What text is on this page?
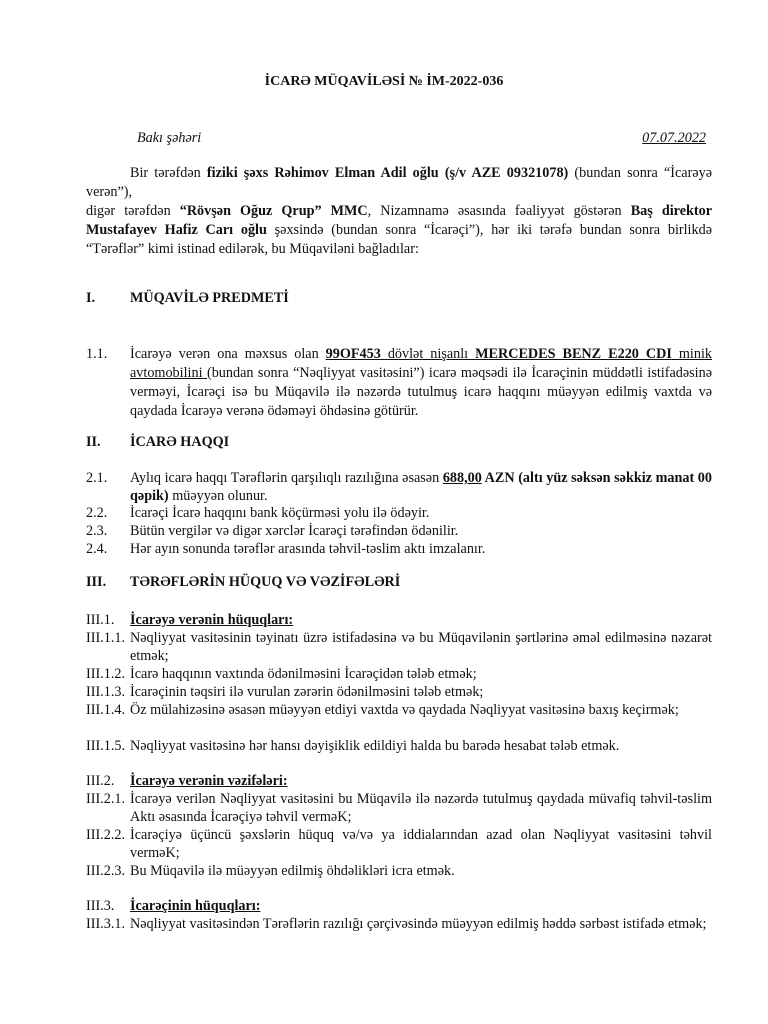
İCARƏ MÜQAVİLƏSİ № İM-2022-036
Bakı şəhəri	07.07.2022
Bir tərəfdən fiziki şəxs Rəhimov Elman Adil oğlu (ş/v AZE 09321078) (bundan sonra “İcarəyə verən”),
digər tərəfdən “Rövşən Oğuz Qrup” MMC, Nizamnamə əsasında fəaliyyət göstərən Baş direktor Mustafayev Hafiz Carı oğlu şəxsində (bundan sonra “İcarəçi”), hər iki tərəfə bundan sonra birlikdə “Tərəflər” kimi istinad edilərək, bu Müqaviləni bağladılar:
I. MÜQAVİLƏ PREDMETİ
1.1. İcarəyə verən ona məxsus olan 99OF453 dövlət nişanlı MERCEDES BENZ E220 CDI minik avtomobilini (bundan sonra “Nəqliyyat vasitəsini”) icarə məqsədi ilə İcarəçinin müddətli istifadəsinə verməyi, İcarəçi isə bu Müqavilə ilə nəzərdə tutulmuş icarə haqqını müəyyən edilmiş vaxtda və qaydada İcarəyə verənə ödəməyi öhdəsinə götürür.
II. İCARƏ HAQQI
2.1. Aylıq icarə haqqı Tərəflərin qarşılıqlı razılığına əsasən 688,00 AZN (altı yüz səksən səkkiz manat 00 qəpik) müəyyən olunur.
2.2. İcarəçi İcarə haqqını bank köçürməsi yolu ilə ödəyir.
2.3. Bütün vergilər və digər xərclər İcarəçi tərəfindən ödənilir.
2.4. Hər ayın sonunda tərəflər arasında təhvil-təslim aktı imzalanır.
III. TƏRƏFLƏRİN HÜQUQ VƏ VƏZİFƏLƏRİ
III.1. İcarəyə verənin hüquqları:
III.1.1. Nəqliyyat vasitəsinin təyinatı üzrə istifadəsinə və bu Müqavilənin şərtlərinə əməl edilməsinə nəzarət etmək;
III.1.2. İcarə haqqının vaxtında ödənilməsini İcarəçidən tələb etmək;
III.1.3. İcarəçinin təqsiri ilə vurulan zərərin ödənilməsini tələb etmək;
III.1.4. Öz mülahizəsinə əsasən müəyyən etdiyi vaxtda və qaydada Nəqliyyat vasitəsinə baxış keçirmək;
III.1.5. Nəqliyyat vasitəsinə hər hansı dəyişiklik edildiyi halda bu barədə hesabat tələb etmək.
III.2. İcarəyə verənin vəzifələri:
III.2.1. İcarəyə verilən Nəqliyyat vasitəsini bu Müqavilə ilə nəzərdə tutulmuş qaydada müvafiq təhvil-təslim Aktı əsasında İcarəçiyə təhvil verməK;
III.2.2. İcarəçiyə üçüncü şəxslərin hüquq və/və ya iddialarından azad olan Nəqliyyat vasitəsini təhvil verməK;
III.2.3. Bu Müqavilə ilə müəyyən edilmiş öhdəlikləri icra etmək.
III.3. İcarəçinin hüquqları:
III.3.1. Nəqliyyat vasitəsindən Tərəflərin razılığı çərçivəsində müəyyən edilmiş həddə sərbəst istifadə etmək;
